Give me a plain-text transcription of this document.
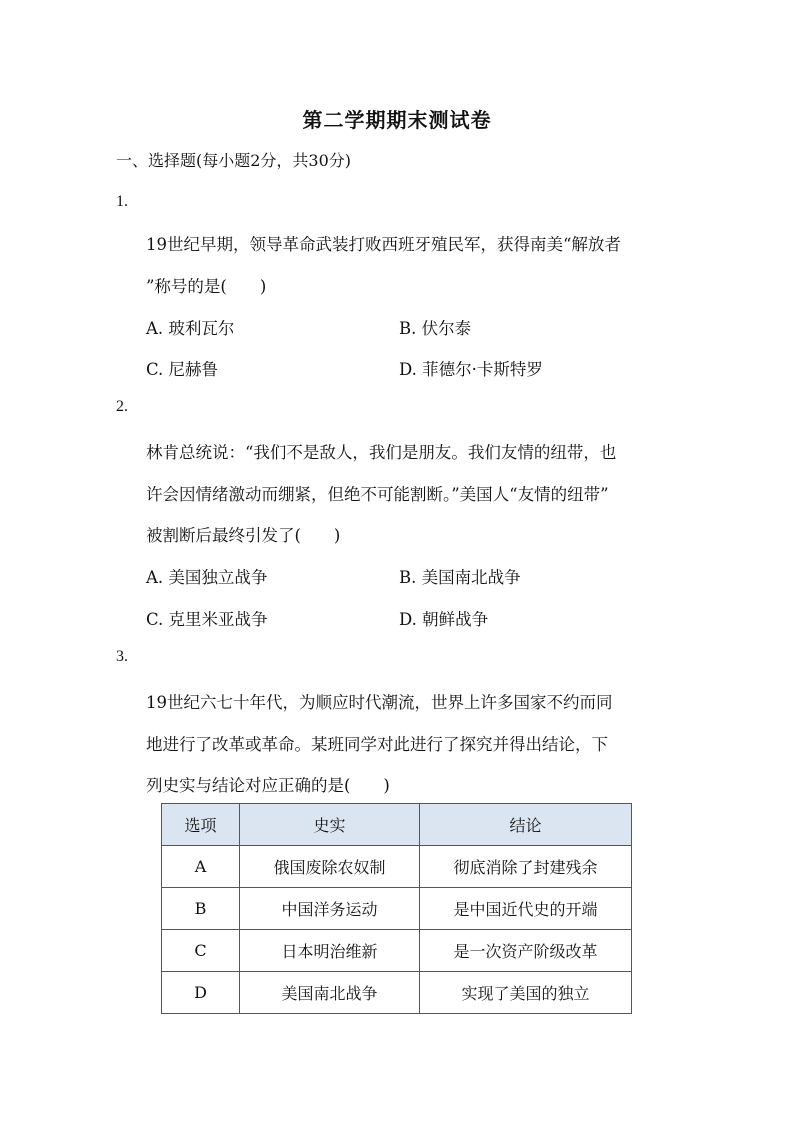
第二学期期末测试卷
一、选择题(每小题2分，共30分)
1.
19世纪早期，领导革命武装打败西班牙殖民军，获得南美“解放者
”称号的是(　　)
A. 玻利瓦尔	B. 伏尔泰
C. 尼赫鲁	D. 菲德尔·卡斯特罗
2.
林肯总统说：“我们不是敌人，我们是朋友。我们友情的纽带，也
许会因情绪激动而绷紧，但绝不可能割断。”美国人“友情的纽带”
被割断后最终引发了(　　)
A. 美国独立战争	B. 美国南北战争
C. 克里米亚战争	D. 朝鲜战争
3.
19世纪六七十年代，为顺应时代潮流，世界上许多国家不约而同
地进行了改革或革命。某班同学对此进行了探究并得出结论，下
列史实与结论对应正确的是(　　)
选项	史实	结论
A	俄国废除农奴制	彻底消除了封建残余
B	中国洋务运动	是中国近代史的开端
C	日本明治维新	是一次资产阶级改革
D	美国南北战争	实现了美国的独立
